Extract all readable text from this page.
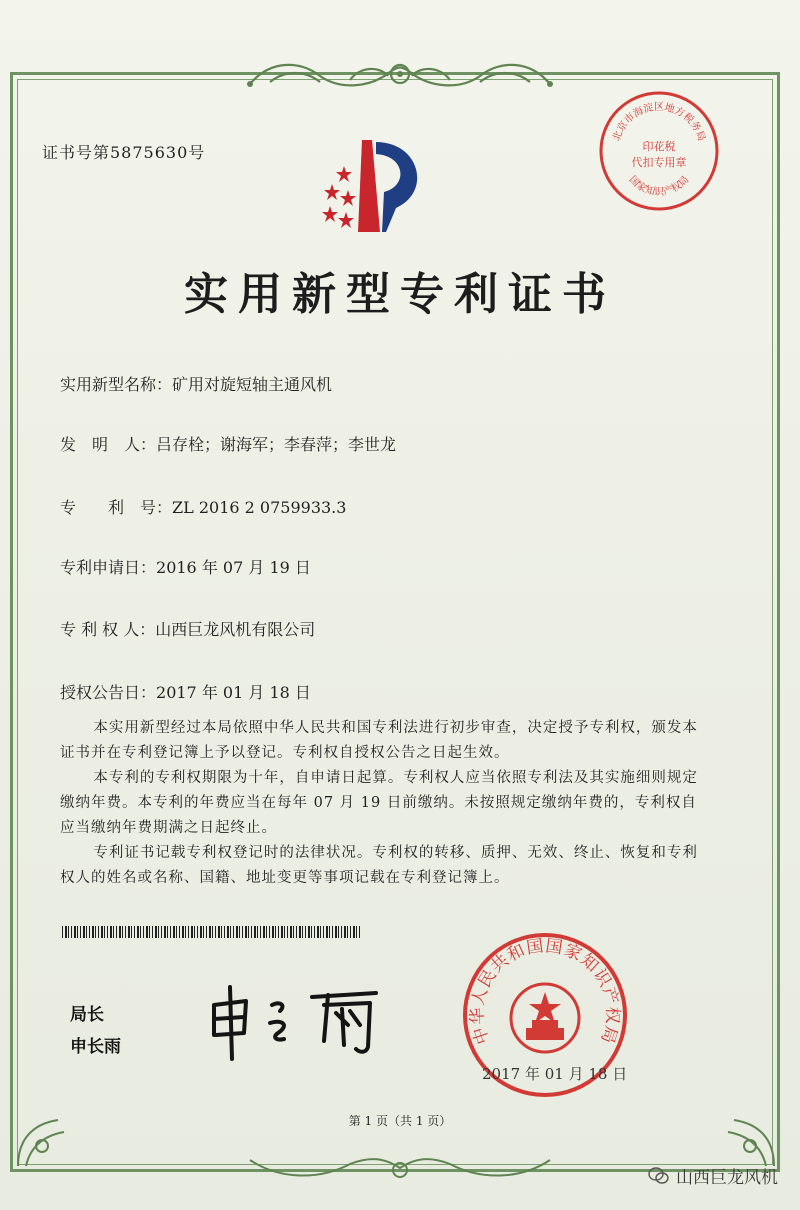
证书号第5875630号
北京市海淀区地方税务局
印花税
代扣专用章
国家知识产权局
实用新型专利证书
实用新型名称：矿用对旋短轴主通风机
发　明　人：吕存栓；谢海军；李春萍；李世龙
专　　利　号：ZL 2016 2 0759933.3
专利申请日：2016 年 07 月 19 日
专 利 权 人：山西巨龙风机有限公司
授权公告日：2017 年 01 月 18 日

本实用新型经过本局依照中华人民共和国专利法进行初步审查，决定授予专利权，颁发本证书并在专利登记簿上予以登记。专利权自授权公告之日起生效。

本专利的专利权期限为十年，自申请日起算。专利权人应当依照专利法及其实施细则规定缴纳年费。本专利的年费应当在每年 07 月 19 日前缴纳。未按照规定缴纳年费的，专利权自应当缴纳年费期满之日起终止。

专利证书记载专利权登记时的法律状况。专利权的转移、质押、无效、终止、恢复和专利权人的姓名或名称、国籍、地址变更等事项记载在专利登记簿上。

局长
申长雨
中华人民共和国国家知识产权局
2017 年 01 月 18 日
第 1 页（共 1 页）
山西巨龙风机
